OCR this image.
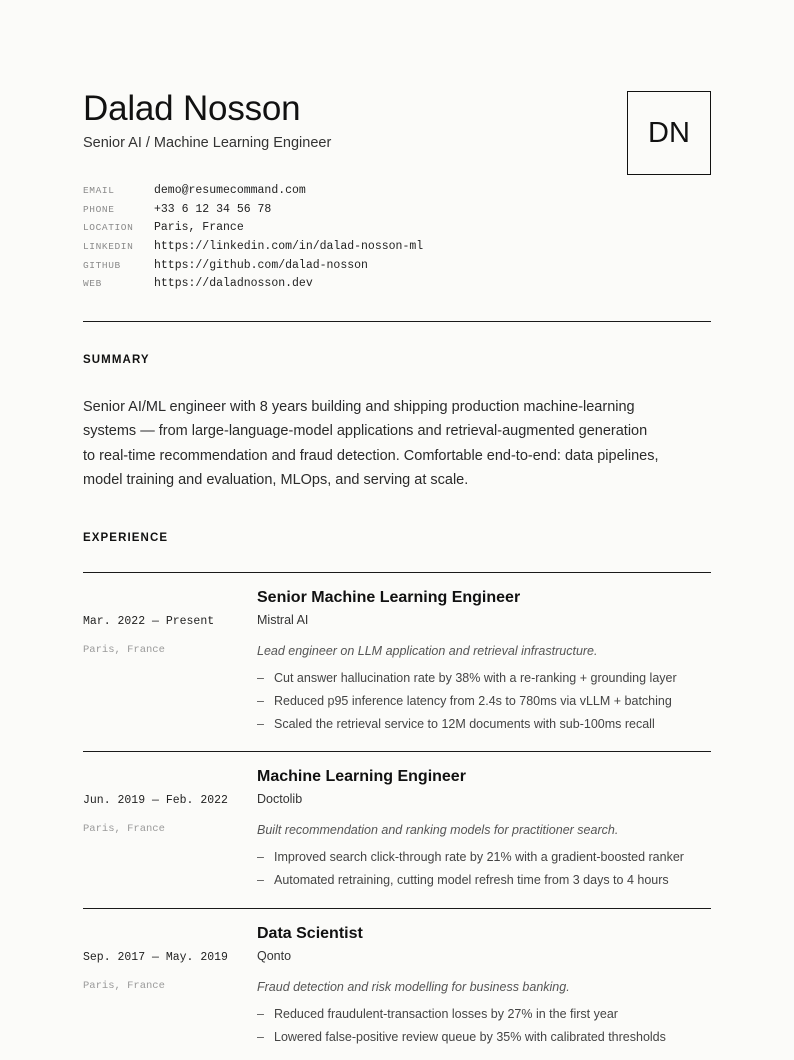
Dalad Nosson
Senior AI / Machine Learning Engineer	DN
EMAIL	demo@resumecommand.com
PHONE	+33 6 12 34 56 78
LOCATION	Paris, France
LINKEDIN	https://linkedin.com/in/dalad-nosson-ml
GITHUB	https://github.com/dalad-nosson
WEB	https://daladnosson.dev
SUMMARY
Senior AI/ML engineer with 8 years building and shipping production machine-learning systems — from large-language-model applications and retrieval-augmented generation to real-time recommendation and fraud detection. Comfortable end-to-end: data pipelines, model training and evaluation, MLOps, and serving at scale.
EXPERIENCE
Mar. 2022 — Present
Paris, France
Senior Machine Learning Engineer
Mistral AI
Lead engineer on LLM application and retrieval infrastructure.
– Cut answer hallucination rate by 38% with a re-ranking + grounding layer
– Reduced p95 inference latency from 2.4s to 780ms via vLLM + batching
– Scaled the retrieval service to 12M documents with sub-100ms recall
Jun. 2019 — Feb. 2022
Paris, France
Machine Learning Engineer
Doctolib
Built recommendation and ranking models for practitioner search.
– Improved search click-through rate by 21% with a gradient-boosted ranker
– Automated retraining, cutting model refresh time from 3 days to 4 hours
Sep. 2017 — May. 2019
Paris, France
Data Scientist
Qonto
Fraud detection and risk modelling for business banking.
– Reduced fraudulent-transaction losses by 27% in the first year
– Lowered false-positive review queue by 35% with calibrated thresholds
